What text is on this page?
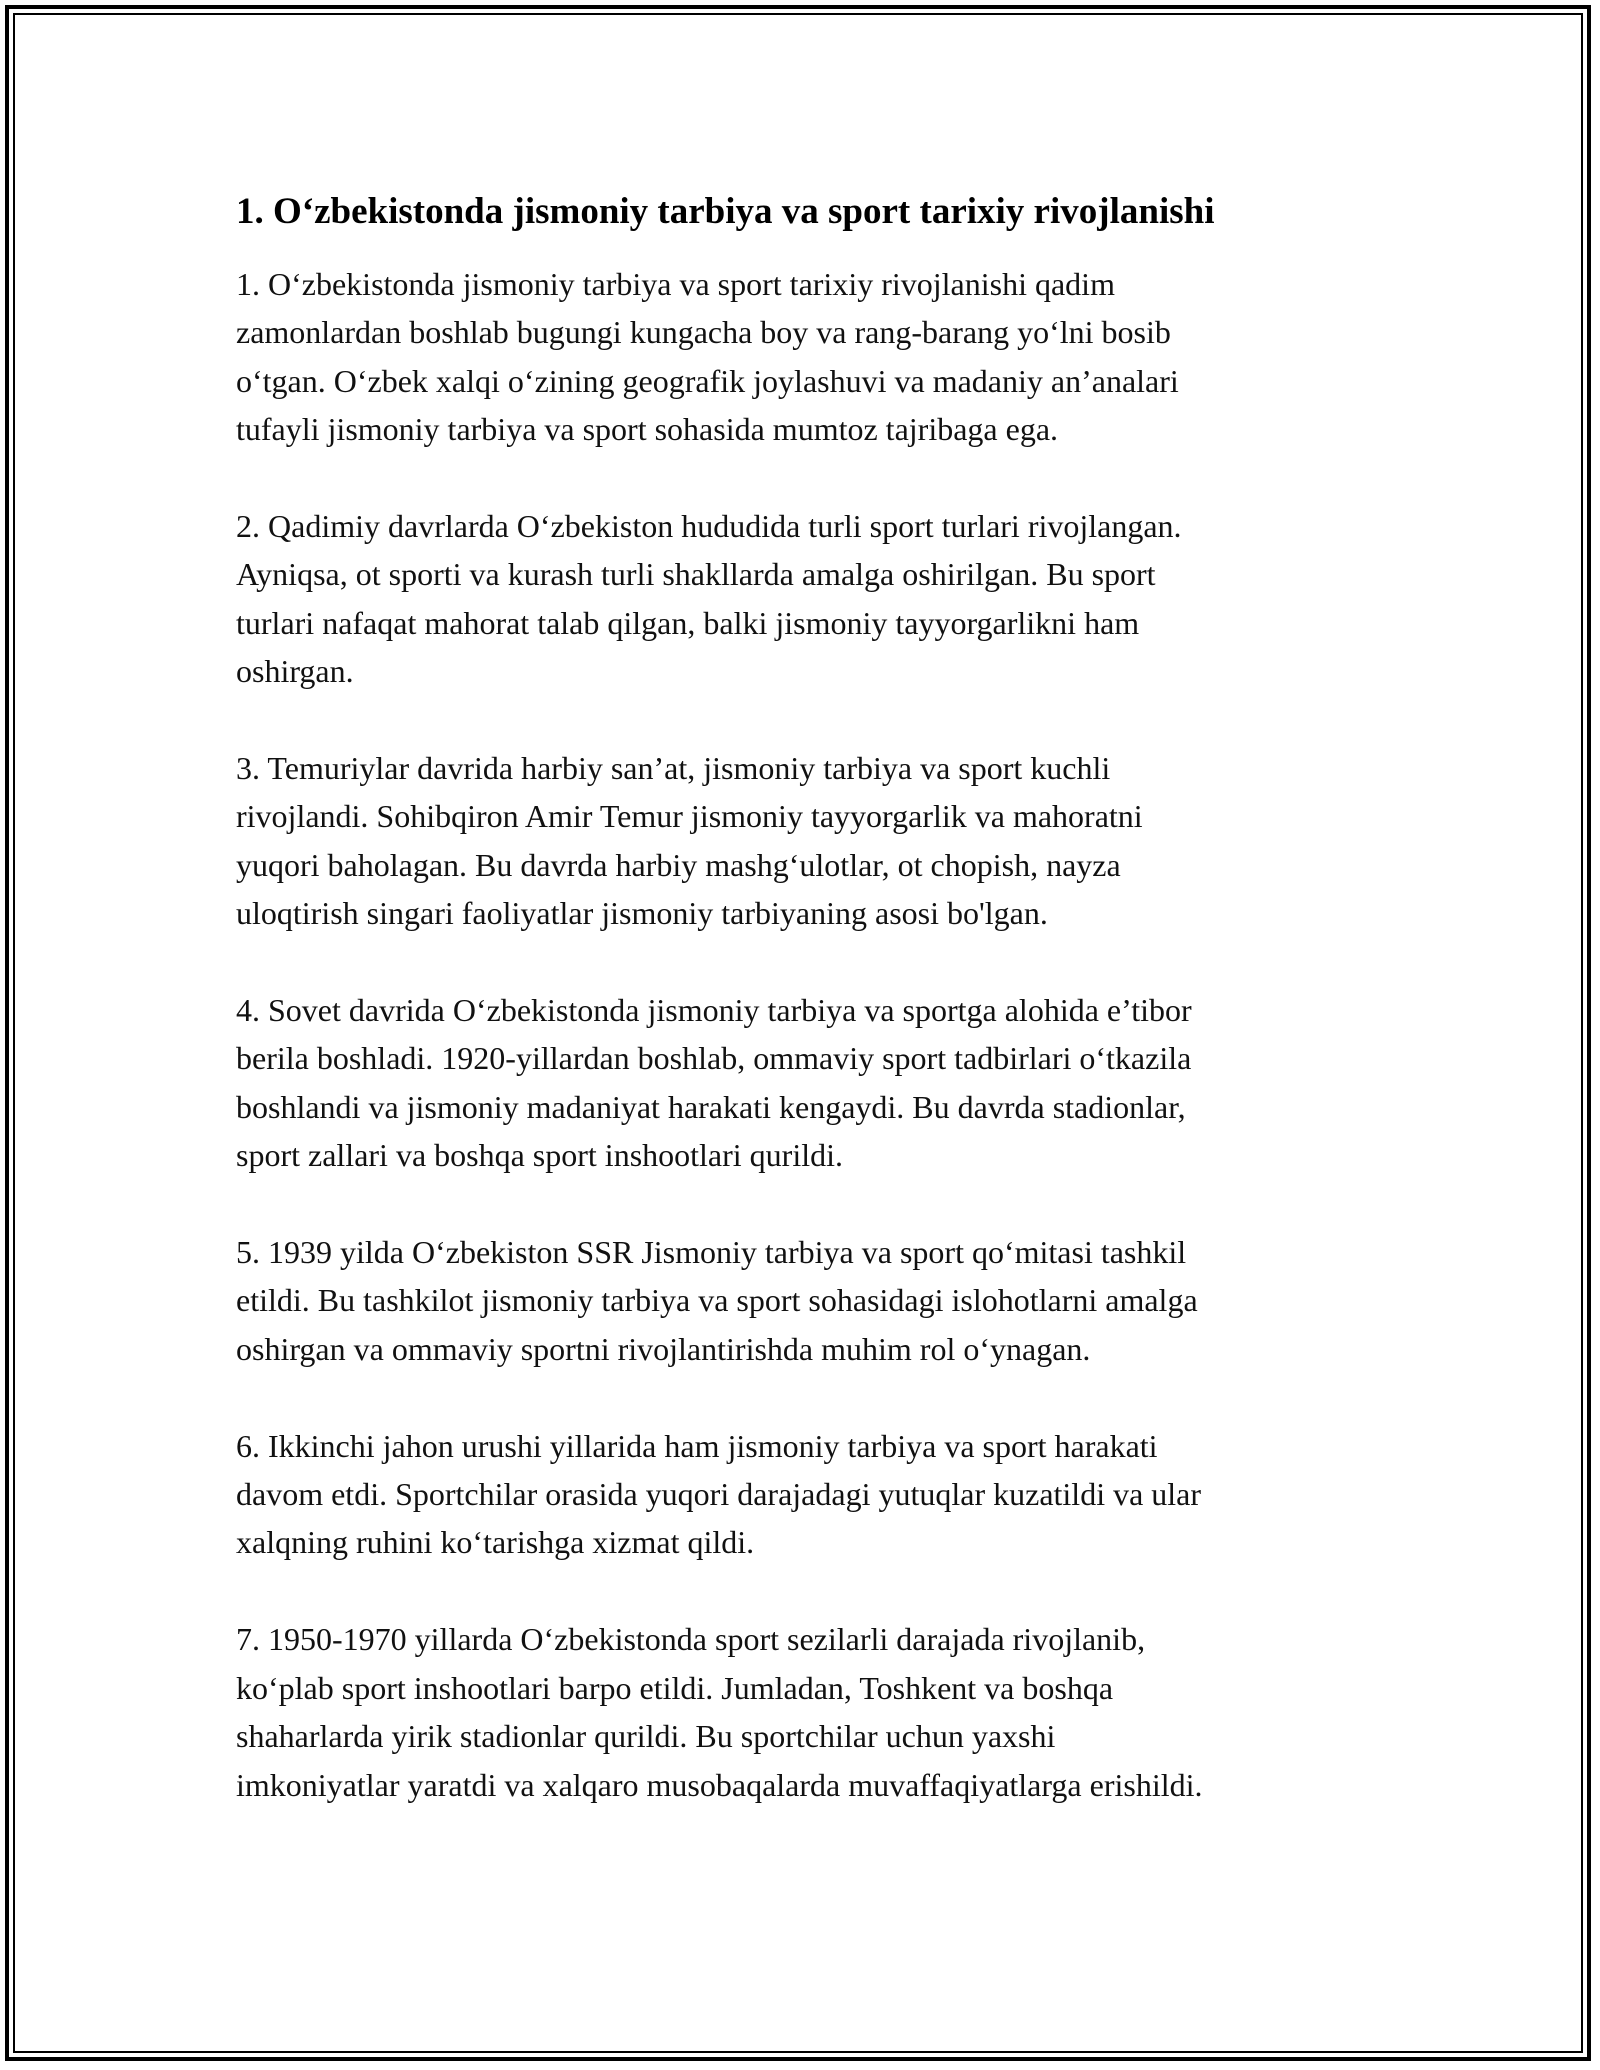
1. O‘zbekistonda jismoniy tarbiya va sport tarixiy rivojlanishi

1. O‘zbekistonda jismoniy tarbiya va sport tarixiy rivojlanishi qadim
zamonlardan boshlab bugungi kungacha boy va rang-barang yo‘lni bosib
o‘tgan. O‘zbek xalqi o‘zining geografik joylashuvi va madaniy an’analari
tufayli jismoniy tarbiya va sport sohasida mumtoz tajribaga ega.

2. Qadimiy davrlarda O‘zbekiston hududida turli sport turlari rivojlangan.
Ayniqsa, ot sporti va kurash turli shakllarda amalga oshirilgan. Bu sport
turlari nafaqat mahorat talab qilgan, balki jismoniy tayyorgarlikni ham
oshirgan.

3. Temuriylar davrida harbiy san’at, jismoniy tarbiya va sport kuchli
rivojlandi. Sohibqiron Amir Temur jismoniy tayyorgarlik va mahoratni
yuqori baholagan. Bu davrda harbiy mashg‘ulotlar, ot chopish, nayza
uloqtirish singari faoliyatlar jismoniy tarbiyaning asosi bo'lgan.

4. Sovet davrida O‘zbekistonda jismoniy tarbiya va sportga alohida e’tibor
berila boshladi. 1920-yillardan boshlab, ommaviy sport tadbirlari o‘tkazila
boshlandi va jismoniy madaniyat harakati kengaydi. Bu davrda stadionlar,
sport zallari va boshqa sport inshootlari qurildi.

5. 1939 yilda O‘zbekiston SSR Jismoniy tarbiya va sport qo‘mitasi tashkil
etildi. Bu tashkilot jismoniy tarbiya va sport sohasidagi islohotlarni amalga
oshirgan va ommaviy sportni rivojlantirishda muhim rol o‘ynagan.

6. Ikkinchi jahon urushi yillarida ham jismoniy tarbiya va sport harakati
davom etdi. Sportchilar orasida yuqori darajadagi yutuqlar kuzatildi va ular
xalqning ruhini ko‘tarishga xizmat qildi.

7. 1950-1970 yillarda O‘zbekistonda sport sezilarli darajada rivojlanib,
ko‘plab sport inshootlari barpo etildi. Jumladan, Toshkent va boshqa
shaharlarda yirik stadionlar qurildi. Bu sportchilar uchun yaxshi
imkoniyatlar yaratdi va xalqaro musobaqalarda muvaffaqiyatlarga erishildi.
